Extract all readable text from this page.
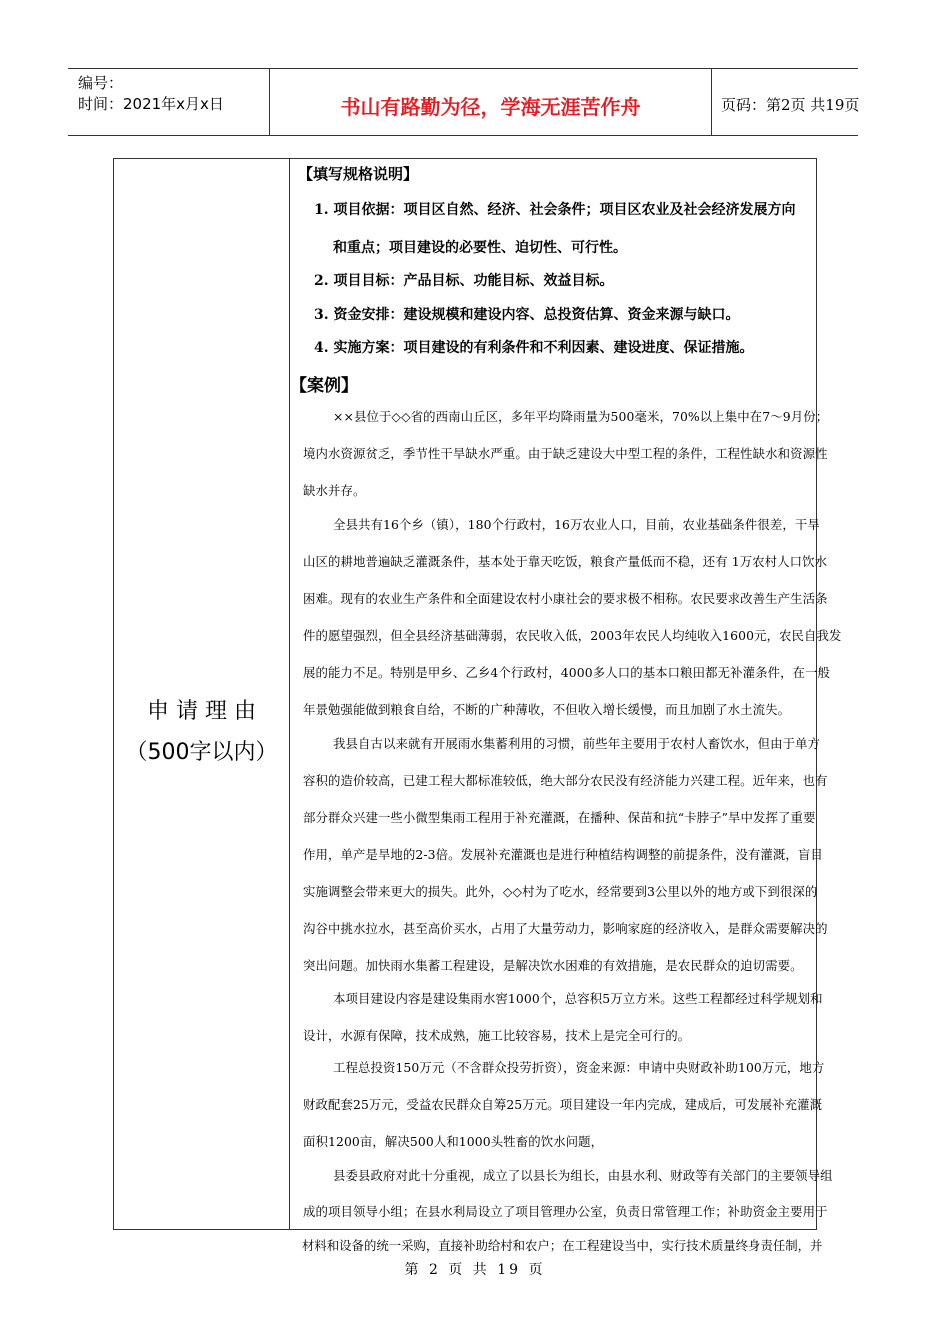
编号：
时间：2021年x月x日	书山有路勤为径，学海无涯苦作舟	页码：第2页 共19页
申 请 理 由
（500字以内）
【填写规格说明】
1. 项目依据：项目区自然、经济、社会条件；项目区农业及社会经济发展方向
和重点；项目建设的必要性、迫切性、可行性。
2. 项目目标：产品目标、功能目标、效益目标。
3. 资金安排：建设规模和建设内容、总投资估算、资金来源与缺口。
4. 实施方案：项目建设的有利条件和不利因素、建设进度、保证措施。
【案例】
××县位于◇◇省的西南山丘区，多年平均降雨量为500毫米，70%以上集中在7～9月份；
境内水资源贫乏，季节性干旱缺水严重。由于缺乏建设大中型工程的条件，工程性缺水和资源性
缺水并存。
全县共有16个乡（镇），180个行政村，16万农业人口，目前，农业基础条件很差，干旱
山区的耕地普遍缺乏灌溉条件，基本处于靠天吃饭，粮食产量低而不稳，还有 1万农村人口饮水
困难。现有的农业生产条件和全面建设农村小康社会的要求极不相称。农民要求改善生产生活条
件的愿望强烈，但全县经济基础薄弱，农民收入低，2003年农民人均纯收入1600元，农民自我发
展的能力不足。特别是甲乡、乙乡4个行政村，4000多人口的基本口粮田都无补灌条件，在一般
年景勉强能做到粮食自给，不断的广种薄收，不但收入增长缓慢，而且加剧了水土流失。
我县自古以来就有开展雨水集蓄利用的习惯，前些年主要用于农村人畜饮水，但由于单方
容积的造价较高，已建工程大都标准较低，绝大部分农民没有经济能力兴建工程。近年来，也有
部分群众兴建一些小微型集雨工程用于补充灌溉，在播种、保苗和抗“卡脖子”旱中发挥了重要
作用，单产是旱地的2-3倍。发展补充灌溉也是进行种植结构调整的前提条件，没有灌溉，盲目
实施调整会带来更大的损失。此外，◇◇村为了吃水，经常要到3公里以外的地方或下到很深的
沟谷中挑水拉水，甚至高价买水，占用了大量劳动力，影响家庭的经济收入，是群众需要解决的
突出问题。加快雨水集蓄工程建设，是解决饮水困难的有效措施，是农民群众的迫切需要。
本项目建设内容是建设集雨水窖1000个，总容积5万立方米。这些工程都经过科学规划和
设计，水源有保障，技术成熟，施工比较容易，技术上是完全可行的。
工程总投资150万元（不含群众投劳折资），资金来源：申请中央财政补助100万元，地方
财政配套25万元，受益农民群众自筹25万元。项目建设一年内完成，建成后，可发展补充灌溉
面积1200亩，解决500人和1000头牲畜的饮水问题，
县委县政府对此十分重视，成立了以县长为组长，由县水利、财政等有关部门的主要领导组
成的项目领导小组；在县水利局设立了项目管理办公室，负责日常管理工作；补助资金主要用于
材料和设备的统一采购，直接补助给村和农户；在工程建设当中，实行技术质量终身责任制，并
第 2 页 共 19 页
